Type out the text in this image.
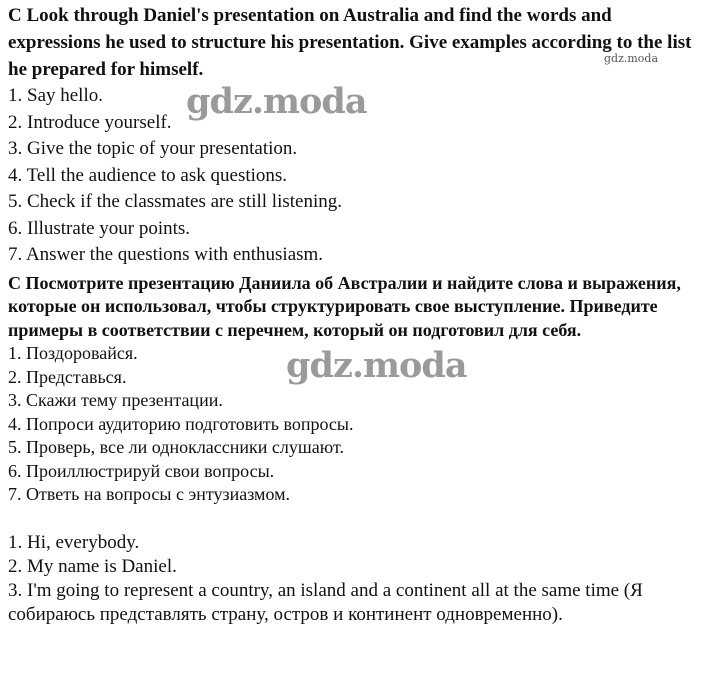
C Look through Daniel's presentation on Australia and find the words and expressions he used to structure his presentation. Give examples according to the list he prepared for himself.

1. Say hello.

2. Introduce yourself.

3. Give the topic of your presentation.

4. Tell the audience to ask questions.

5. Check if the classmates are still listening.

6. Illustrate your points.

7. Answer the questions with enthusiasm.

С Посмотрите презентацию Даниила об Австралии и найдите слова и выражения, которые он использовал, чтобы структурировать свое выступление. Приведите примеры в соответствии с перечнем, который он подготовил для себя.

1. Поздоровайся.

2. Представься.

3. Скажи тему презентации.

4. Попроси аудиторию подготовить вопросы.

5. Проверь, все ли одноклассники слушают.

6. Проиллюстрируй свои вопросы.

7. Ответь на вопросы с энтузиазмом.

1. Hi, everybody.

2. My name is Daniel.

3. I'm going to represent a country, an island and a continent all at the same time (Я собираюсь представлять страну, остров и континент одновременно).

gdz.moda
gdz.moda
gdz.moda
